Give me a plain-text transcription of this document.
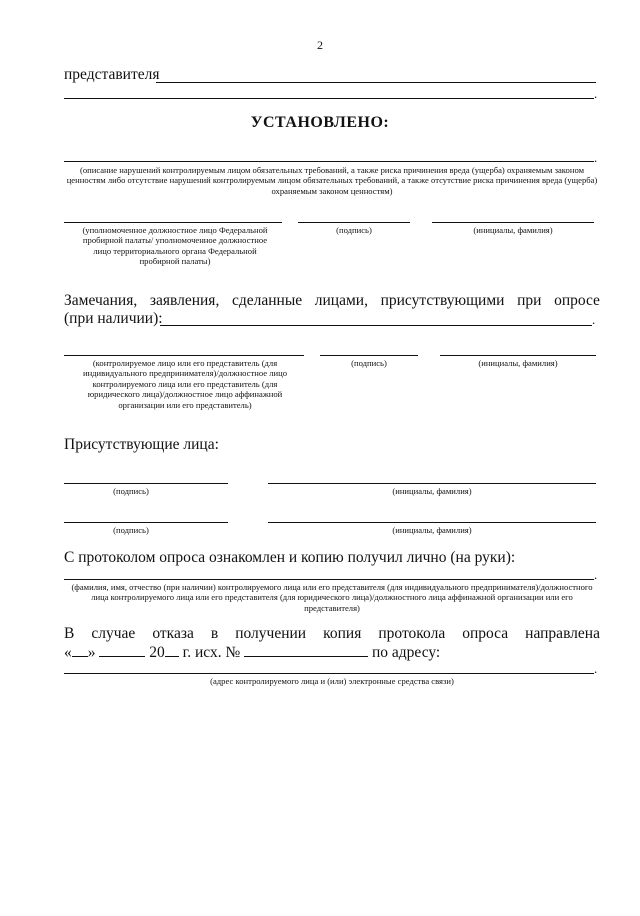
2
представителя
.
УСТАНОВЛЕНО:
.
(описание нарушений контролируемым лицом обязательных требований, а также риска причинения вреда (ущерба) охраняемым законом ценностям либо отсутствие нарушений контролируемым лицом обязательных требований, а также отсутствие риска причинения вреда (ущерба) охраняемым законом ценностям)
(уполномоченное должностное лицо Федеральной пробирной палаты/ уполномоченное должностное лицо территориального органа Федеральной пробирной палаты)
(подпись)	(инициалы, фамилия)
Замечания, заявления, сделанные лицами, присутствующими при опросе
(при наличии):	.
(контролируемое лицо или его представитель (для индивидуального предпринимателя)/должностное лицо контролируемого лица или его представитель (для юридического лица)/должностное лицо аффинажной организации или его представитель)
(подпись)	(инициалы, фамилия)
Присутствующие лица:
(подпись)	(инициалы, фамилия)
(подпись)	(инициалы, фамилия)
С протоколом опроса ознакомлен и копию получил лично (на руки):
.
(фамилия, имя, отчество (при наличии) контролируемого лица или его представителя (для индивидуального предпринимателя)/должностного лица контролируемого лица или его представителя (для юридического лица)/должностного лица аффинажной организации или его представителя)
В случае отказа в получении копия протокола опроса направлена
« »	20 г. исх. №	по адресу:
.
(адрес контролируемого лица и (или) электронные средства связи)
